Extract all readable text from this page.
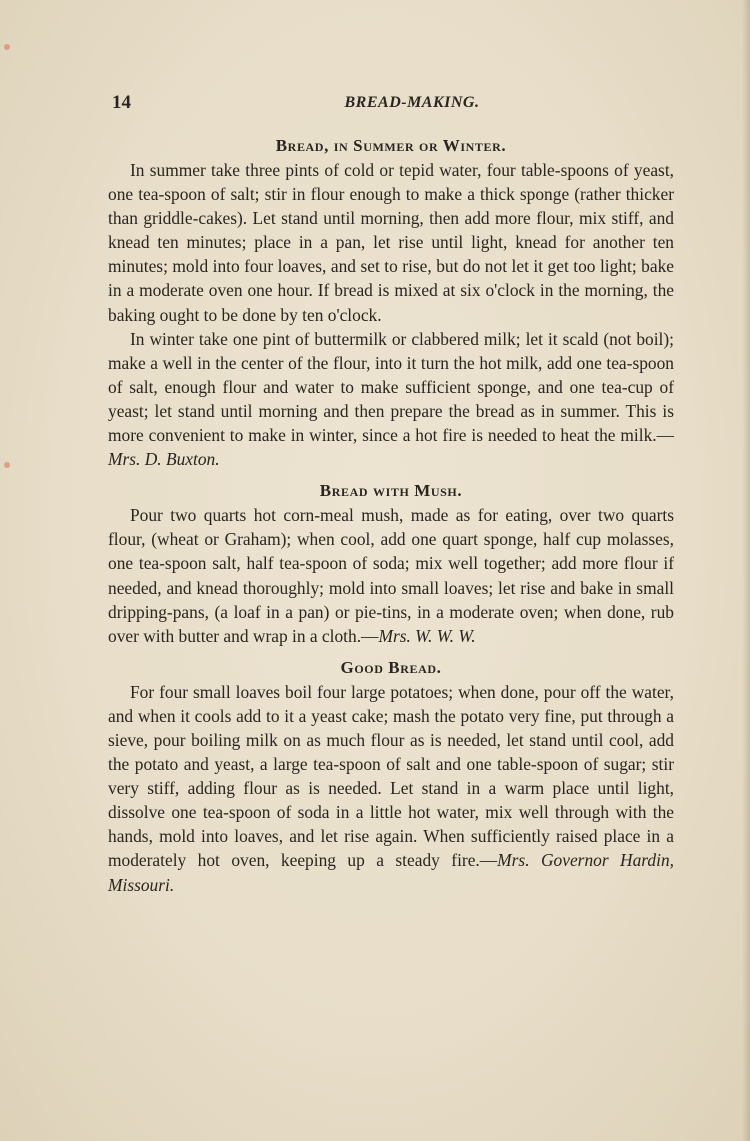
14	BREAD-MAKING.
Bread, in Summer or Winter.

In summer take three pints of cold or tepid water, four table-spoons of yeast, one tea-spoon of salt; stir in flour enough to make a thick sponge (rather thicker than griddle-cakes). Let stand until morning, then add more flour, mix stiff, and knead ten minutes; place in a pan, let rise until light, knead for another ten minutes; mold into four loaves, and set to rise, but do not let it get too light; bake in a moderate oven one hour. If bread is mixed at six o'clock in the morning, the baking ought to be done by ten o'clock.

In winter take one pint of buttermilk or clabbered milk; let it scald (not boil); make a well in the center of the flour, into it turn the hot milk, add one tea-spoon of salt, enough flour and water to make sufficient sponge, and one tea-cup of yeast; let stand until morning and then prepare the bread as in summer. This is more convenient to make in winter, since a hot fire is needed to heat the milk.—Mrs. D. Buxton.

Bread with Mush.

Pour two quarts hot corn-meal mush, made as for eating, over two quarts flour, (wheat or Graham); when cool, add one quart sponge, half cup molasses, one tea-spoon salt, half tea-spoon of soda; mix well together; add more flour if needed, and knead thoroughly; mold into small loaves; let rise and bake in small dripping-pans, (a loaf in a pan) or pie-tins, in a moderate oven; when done, rub over with butter and wrap in a cloth.—Mrs. W. W. W.

Good Bread.

For four small loaves boil four large potatoes; when done, pour off the water, and when it cools add to it a yeast cake; mash the potato very fine, put through a sieve, pour boiling milk on as much flour as is needed, let stand until cool, add the potato and yeast, a large tea-spoon of salt and one table-spoon of sugar; stir very stiff, adding flour as is needed. Let stand in a warm place until light, dissolve one tea-spoon of soda in a little hot water, mix well through with the hands, mold into loaves, and let rise again. When sufficiently raised place in a moderately hot oven, keeping up a steady fire.—Mrs. Governor Hardin, Missouri.
